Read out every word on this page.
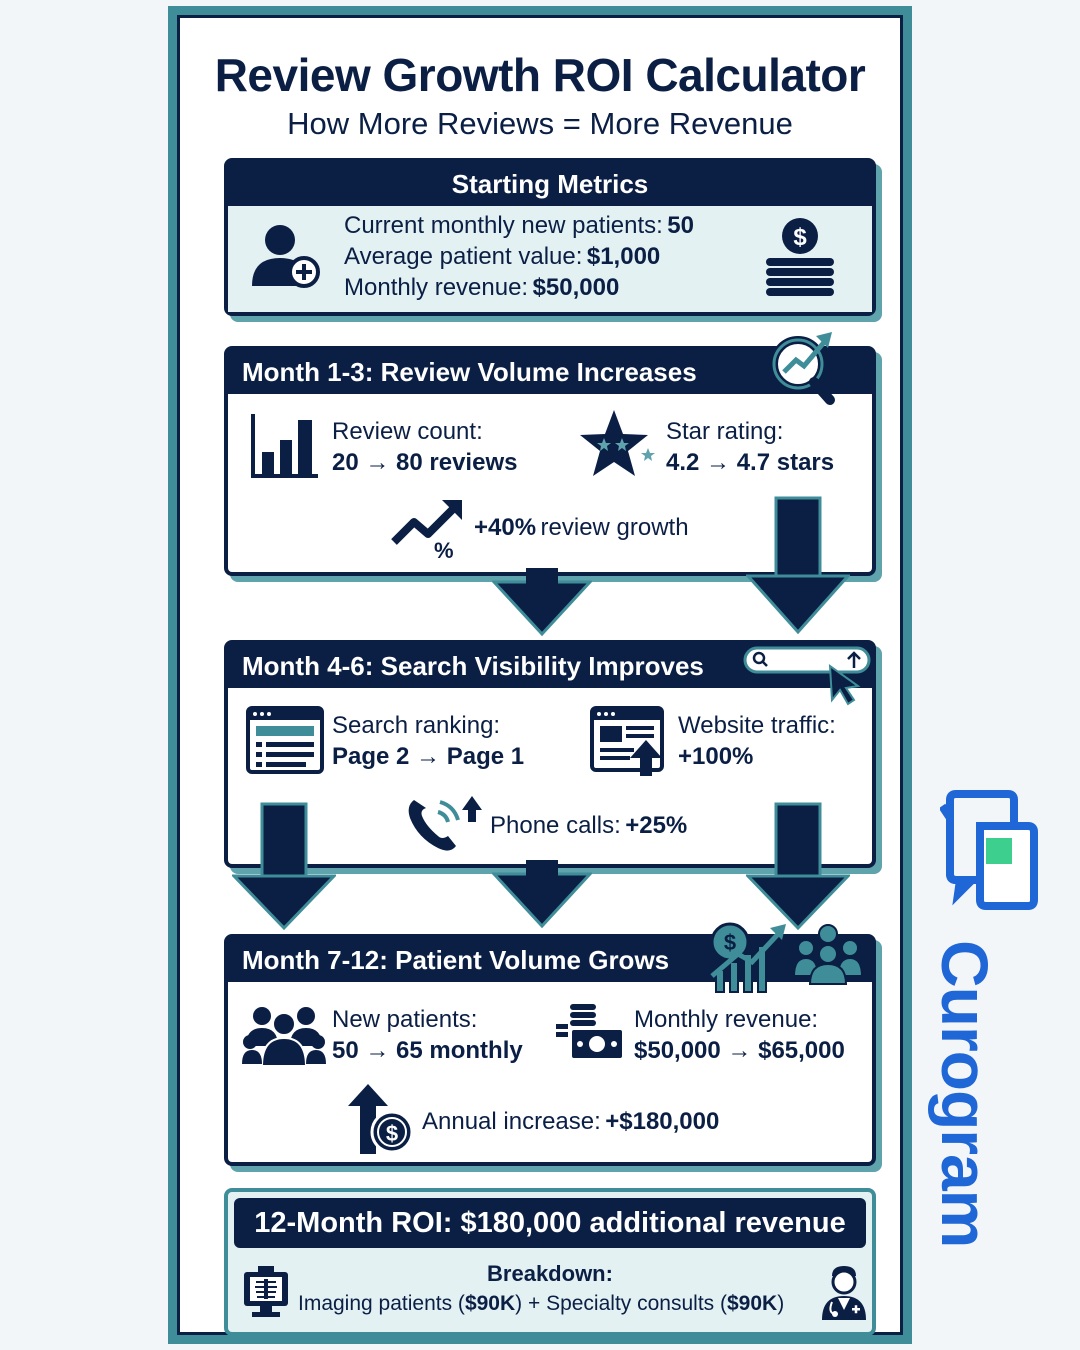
Review Growth ROI Calculator
How More Reviews = More Revenue
Starting Metrics
Current monthly new patients: 50
Average patient value: $1,000
Monthly revenue: $50,000
$
Month 1-3: Review Volume Increases
Review count:
20 → 80 reviews
Star rating:
4.2 → 4.7 stars
%
+40% review growth
Month 4-6: Search Visibility Improves
Search ranking:
Page 2 → Page 1
Website traffic:
+100%
Phone calls: +25%
Month 7-12: Patient Volume Grows
New patients:
50 → 65 monthly
Monthly revenue:
$50,000 → $65,000
$ Annual increase: +$180,000
$
12-Month ROI: $180,000 additional revenue
Breakdown:
Imaging patients ($90K) + Specialty consults ($90K)
Curogram
